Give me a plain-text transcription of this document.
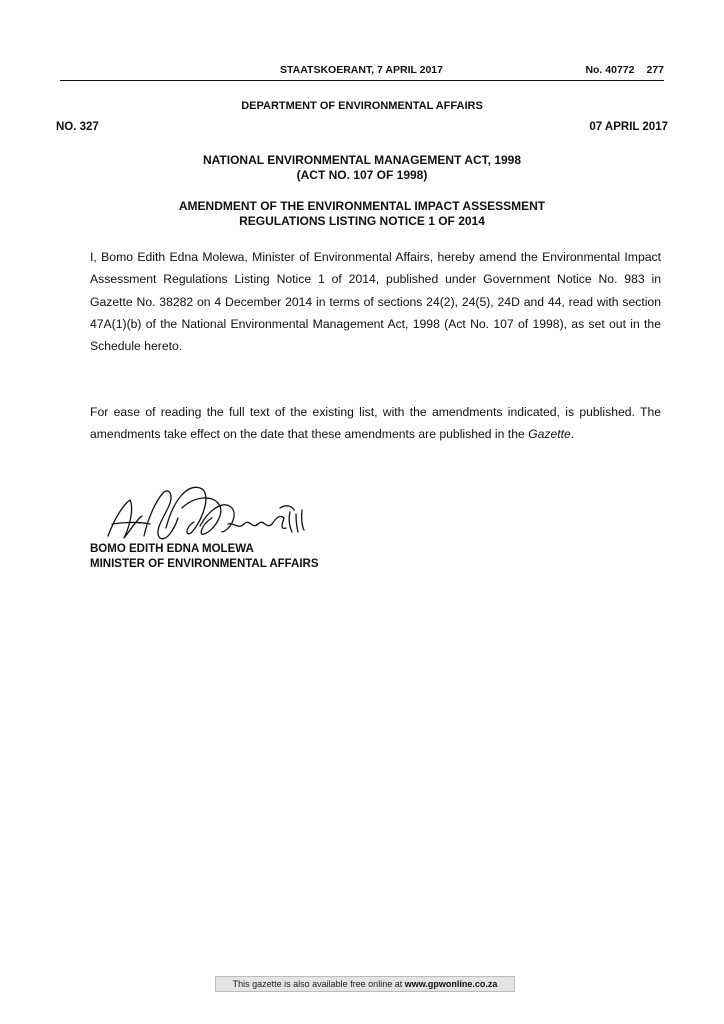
STAATSKOERANT, 7 APRIL 2017	No. 40772 277
DEPARTMENT OF ENVIRONMENTAL AFFAIRS
NO. 327	07 APRIL 2017
NATIONAL ENVIRONMENTAL MANAGEMENT ACT, 1998
(ACT NO. 107 OF 1998)
AMENDMENT OF THE ENVIRONMENTAL IMPACT ASSESSMENT
REGULATIONS LISTING NOTICE 1 OF 2014
I, Bomo Edith Edna Molewa, Minister of Environmental Affairs, hereby amend the Environmental Impact Assessment Regulations Listing Notice 1 of 2014, published under Government Notice No. 983 in Gazette No. 38282 on 4 December 2014 in terms of sections 24(2), 24(5), 24D and 44, read with section 47A(1)(b) of the National Environmental Management Act, 1998 (Act No. 107 of 1998), as set out in the Schedule hereto.
For ease of reading the full text of the existing list, with the amendments indicated, is published. The amendments take effect on the date that these amendments are published in the Gazette.
BOMO EDITH EDNA MOLEWA
MINISTER OF ENVIRONMENTAL AFFAIRS
This gazette is also available free online at www.gpwonline.co.za
